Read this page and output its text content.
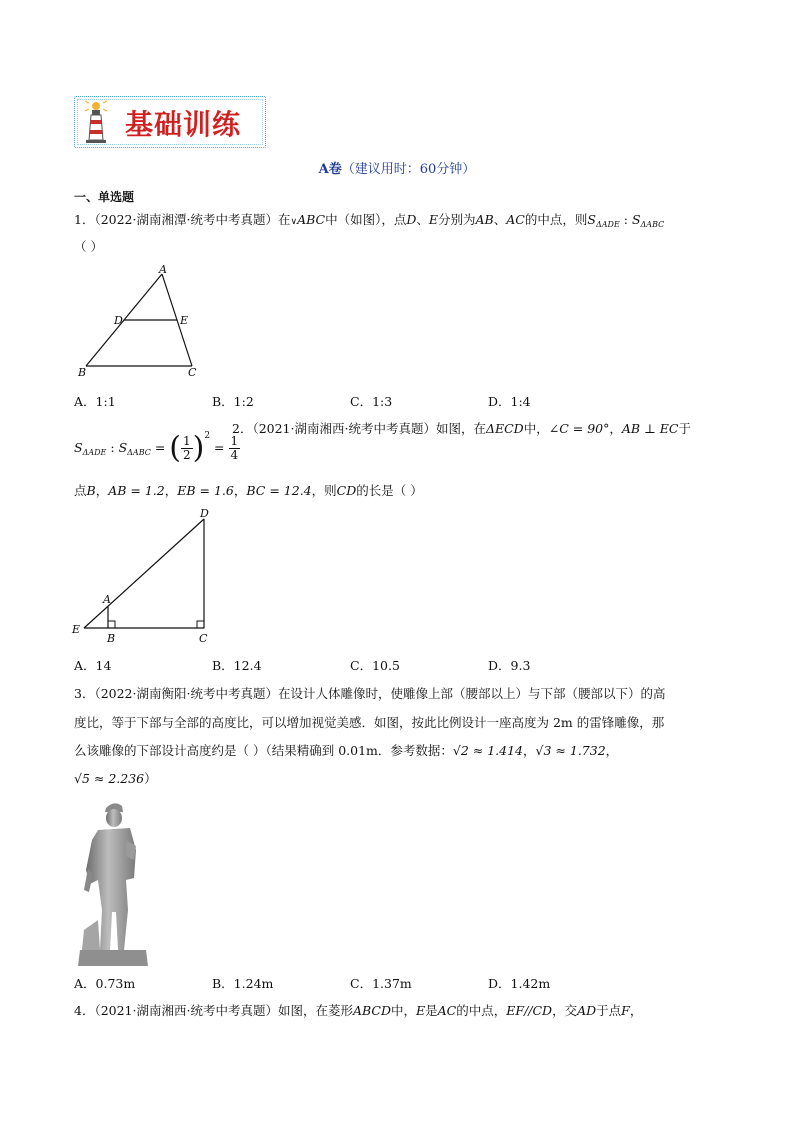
基础训练
A卷（建议用时：60分钟）
一、单选题
1．（2022·湖南湘潭·统考中考真题）在∨ABC中（如图），点D、E分别为AB、AC的中点，则$S_{\Delta ADE}$ : $S_{\Delta ABC}$
（ ）
A
D	E
B	C
A．1:1	B．1:2	C．1:3	D．1:4
$S_{\Delta ADE}$ : $S_{\Delta ABC}$ = ( $\frac{1}{2} )^2 = \frac{1}{4}$
2．（2021·湖南湘西·统考中考真题）如图，在ΔECD中，∠C = 90°，AB ⊥ EC于
点B，AB = 1.2，EB = 1.6，BC = 12.4，则CD的长是（ ）
D
A
E
B	C
A．14	B．12.4	C．10.5	D．9.3
3．（2022·湖南衡阳·统考中考真题）在设计人体雕像时，使雕像上部（腰部以上）与下部（腰部以下）的高
度比，等于下部与全部的高度比，可以增加视觉美感．如图，按此比例设计一座高度为 2m 的雷锋雕像，那
么该雕像的下部设计高度约是（ ）（结果精确到 0.01m．参考数据：√2 ≈ 1.414，√3 ≈ 1.732，
√5 ≈ 2.236）
A．0.73m	B．1.24m	C．1.37m	D．1.42m
4．（2021·湖南湘西·统考中考真题）如图，在菱形ABCD中，E是AC的中点，EF//CD，交AD于点F，
